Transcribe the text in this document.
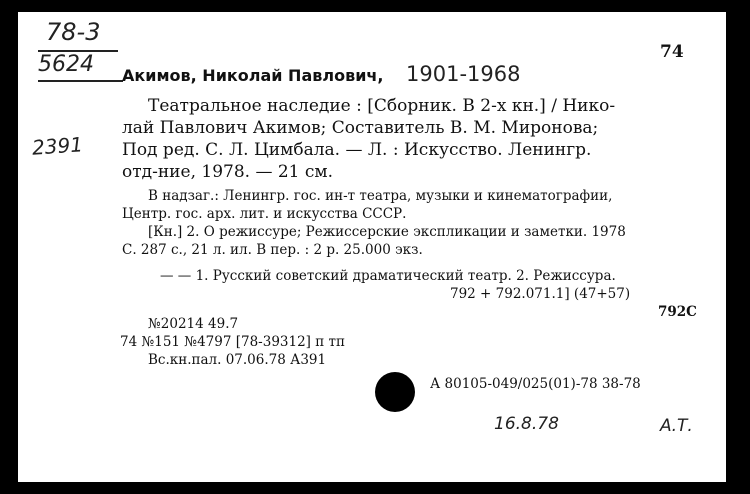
78-3
5624	74
Акимов, Николай Павлович, 1901-1968
2391
Театральное наследие : [Сборник. В 2-х кн.] / Нико-
лай Павлович Акимов; Составитель В. М. Миронова;
Под ред. С. Л. Цимбала. — Л. : Искусство. Ленингр.
отд-ние, 1978. — 21 см.
В надзаг.: Ленингр. гос. ин-т театра, музыки и кинематографии,
Центр. гос. арх. лит. и искусства СССР.
[Кн.] 2. О режиссуре; Режиссерские экспликации и заметки. 1978
С. 287 с., 21 л. ил. В пер. : 2 р. 25.000 экз.
— — 1. Русский советский драматический театр. 2. Режиссура.
792 + 792.071.1] (47+57)
792С
№20214 49.7
74 №151 №4797 [78-39312] п тп
Вс.кн.пал. 07.06.78 А391
А 80105-049/025(01)-78 38-78
16.8.78	А.Т.
